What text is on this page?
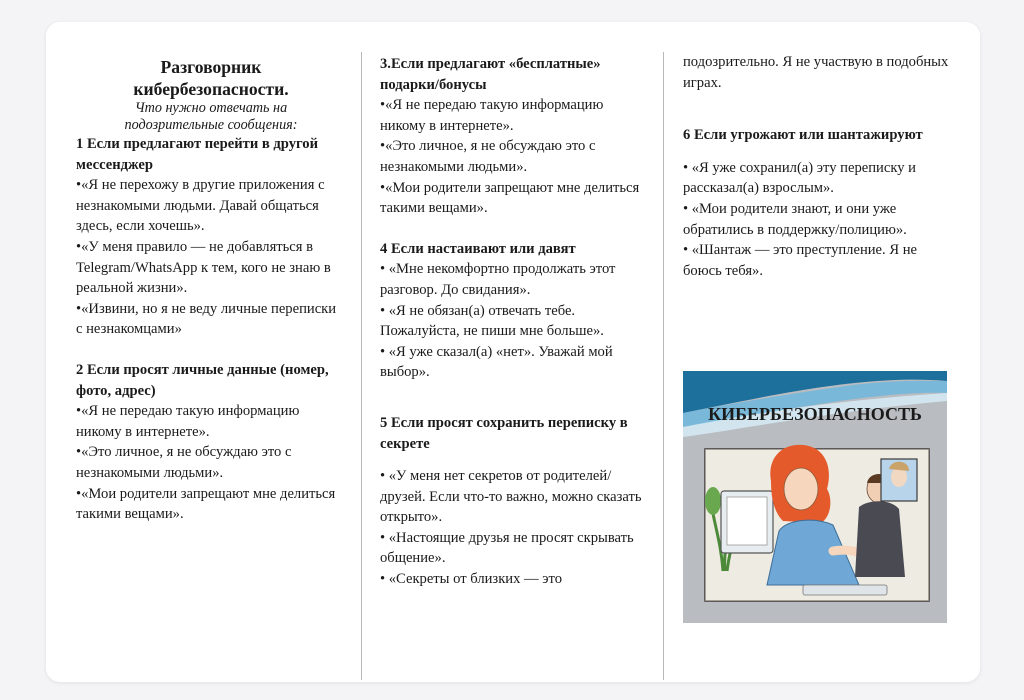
Разговорник кибербезопасности.

Что нужно отвечать на подозрительные сообщения:

1 Если предлагают перейти в другой мессенджер

•«Я не перехожу в другие приложения с незнакомыми людьми. Давай общаться здесь, если хочешь».

•«У меня правило — не добавляться в Telegram/WhatsApp к тем, кого не знаю в реальной жизни».

•«Извини, но я не веду личные переписки с незнакомцами»

2 Если просят личные данные (номер, фото, адрес)

•«Я не передаю такую информацию никому в интернете».

•«Это личное, я не обсуждаю это с незнакомыми людьми».

•«Мои родители запрещают мне делиться такими вещами».

3.Если предлагают «бесплатные» подарки/бонусы

•«Я не передаю такую информацию никому в интернете».

•«Это личное, я не обсуждаю это с незнакомыми людьми».

•«Мои родители запрещают мне делиться такими вещами».

4 Если настаивают или давят

• «Мне некомфортно продолжать этот разговор. До свидания».

• «Я не обязан(а) отвечать тебе. Пожалуйста, не пиши мне больше».

• «Я уже сказал(а) «нет». Уважай мой выбор».

5 Если просят сохранить переписку в секрете

• «У меня нет секретов от родителей/друзей. Если что-то важно, можно сказать открыто».

• «Настоящие друзья не просят скрывать общение».

• «Секреты от близких — это

подозрительно. Я не участвую в подобных играх.

6 Если угрожают или шантажируют

• «Я уже сохранил(а) эту переписку и рассказал(а) взрослым».

• «Мои родители знают, и они уже обратились в поддержку/полицию».

• «Шантаж — это преступление. Я не боюсь тебя».

КИБЕРБЕЗОПАСНОСТЬ
